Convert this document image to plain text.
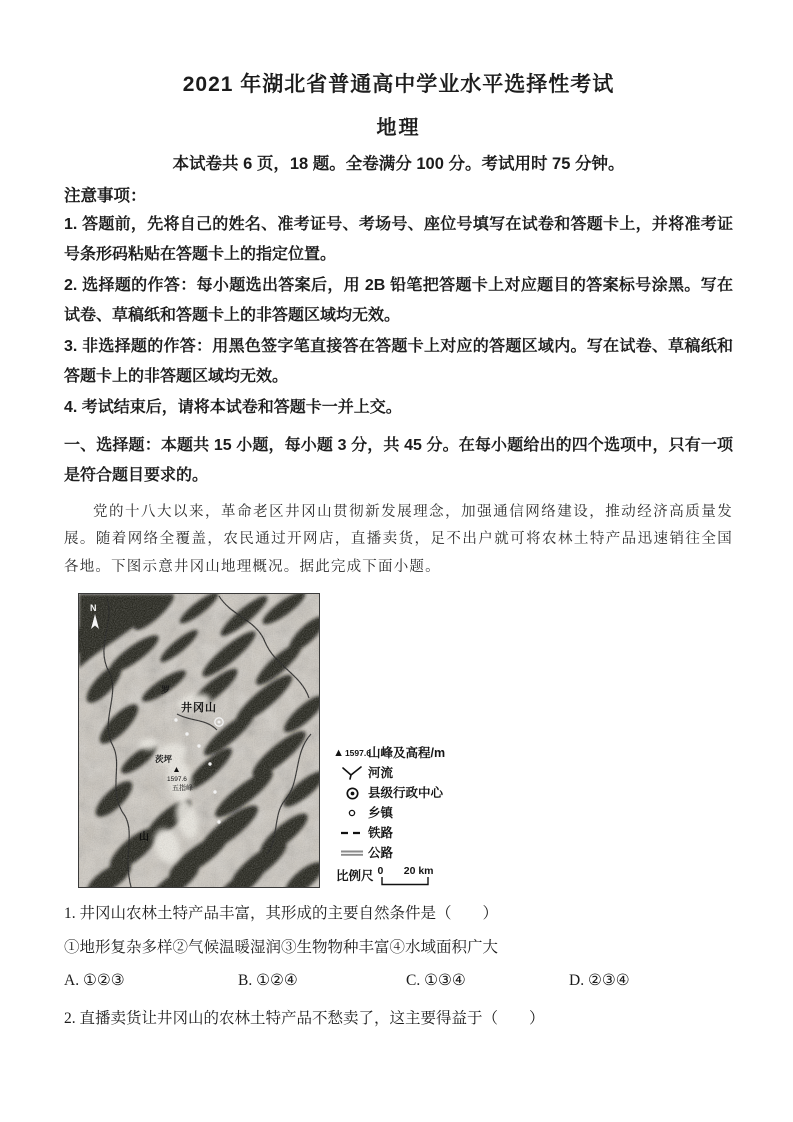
2021 年湖北省普通高中学业水平选择性考试
地理
本试卷共 6 页，18 题。全卷满分 100 分。考试用时 75 分钟。
注意事项：
1. 答题前，先将自己的姓名、准考证号、考场号、座位号填写在试卷和答题卡上，并将准考证号条形码粘贴在答题卡上的指定位置。
2. 选择题的作答：每小题选出答案后，用 2B 铅笔把答题卡上对应题目的答案标号涂黑。写在试卷、草稿纸和答题卡上的非答题区域均无效。
3. 非选择题的作答：用黑色签字笔直接答在答题卡上对应的答题区域内。写在试卷、草稿纸和答题卡上的非答题区域均无效。
4. 考试结束后，请将本试卷和答题卡一并上交。
一、选择题：本题共 15 小题，每小题 3 分，共 45 分。在每小题给出的四个选项中，只有一项是符合题目要求的。
党的十八大以来，革命老区井冈山贯彻新发展理念，加强通信网络建设，推动经济高质量发展。随着网络全覆盖，农民通过开网店，直播卖货，足不出户就可将农林土特产品迅速销往全国各地。下图示意井冈山地理概况。据此完成下面小题。
N
罗
井冈山
茨坪
1597.6
五指峰
山
▲ 1597.6
山峰及高程/m
河流
县级行政中心
乡镇
铁路
公路
比例尺 0 20 km
1. 井冈山农林土特产品丰富，其形成的主要自然条件是（　　）
①地形复杂多样②气候温暖湿润③生物物种丰富④水域面积广大
A. ①②③	B. ①②④	C. ①③④	D. ②③④
2. 直播卖货让井冈山的农林土特产品不愁卖了，这主要得益于（　　）
